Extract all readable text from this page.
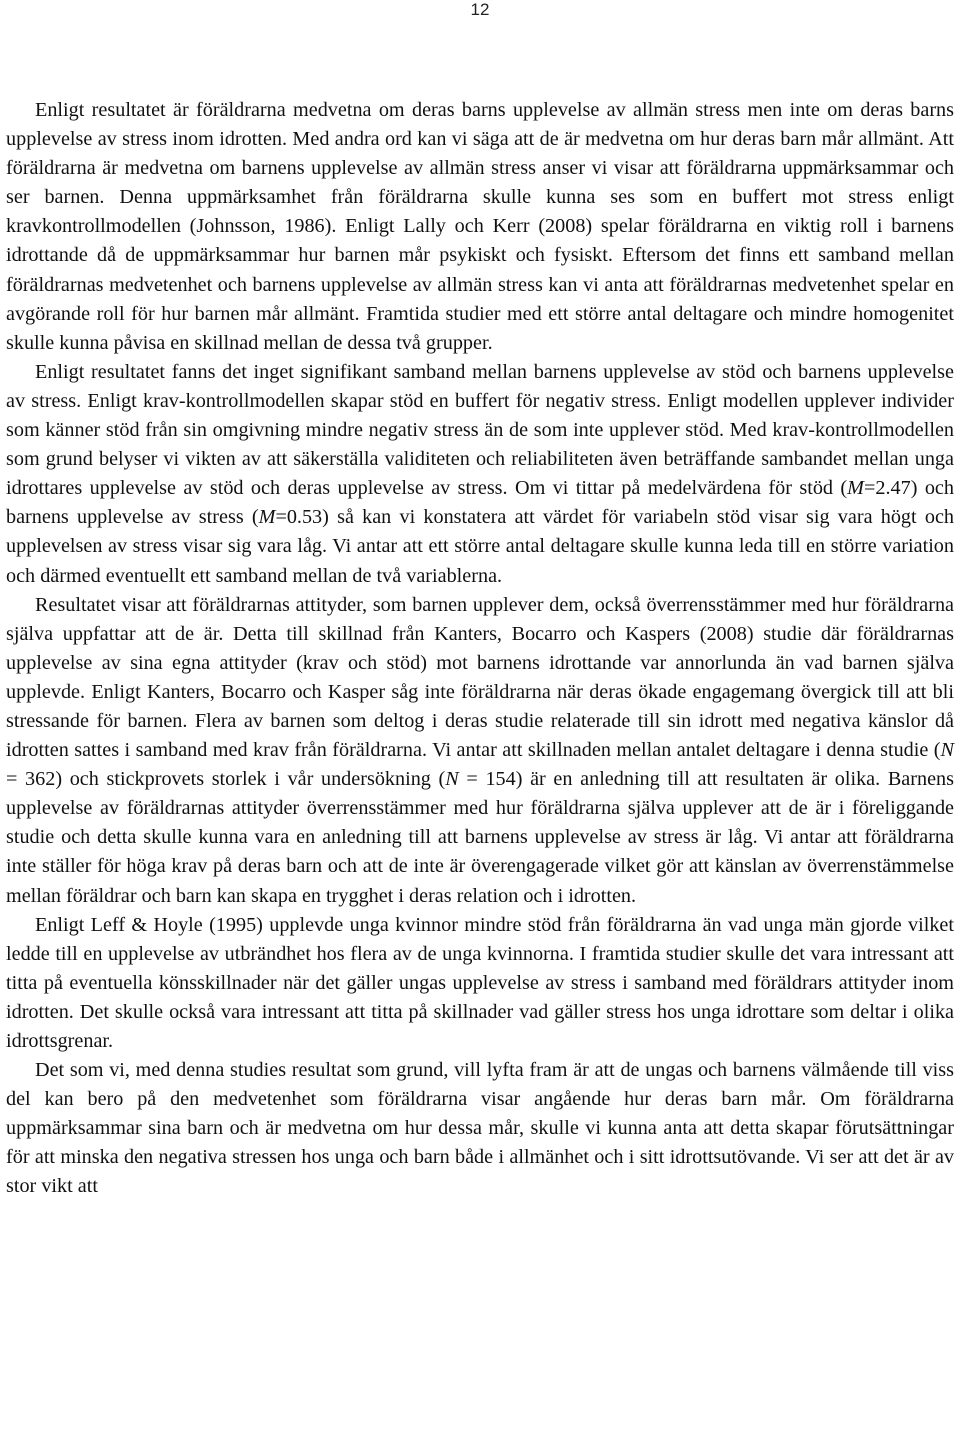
12

Enligt resultatet är föräldrarna medvetna om deras barns upplevelse av allmän stress men inte om deras barns upplevelse av stress inom idrotten. Med andra ord kan vi säga att de är medvetna om hur deras barn mår allmänt. Att föräldrarna är medvetna om barnens upplevelse av allmän stress anser vi visar att föräldrarna uppmärksammar och ser barnen. Denna uppmärksamhet från föräldrarna skulle kunna ses som en buffert mot stress enligt kravkontrollmodellen (Johnsson, 1986). Enligt Lally och Kerr (2008) spelar föräldrarna en viktig roll i barnens idrottande då de uppmärksammar hur barnen mår psykiskt och fysiskt. Eftersom det finns ett samband mellan föräldrarnas medvetenhet och barnens upplevelse av allmän stress kan vi anta att föräldrarnas medvetenhet spelar en avgörande roll för hur barnen mår allmänt. Framtida studier med ett större antal deltagare och mindre homogenitet skulle kunna påvisa en skillnad mellan de dessa två grupper.

Enligt resultatet fanns det inget signifikant samband mellan barnens upplevelse av stöd och barnens upplevelse av stress. Enligt krav-kontrollmodellen skapar stöd en buffert för negativ stress. Enligt modellen upplever individer som känner stöd från sin omgivning mindre negativ stress än de som inte upplever stöd. Med krav-kontrollmodellen som grund belyser vi vikten av att säkerställa validiteten och reliabiliteten även beträffande sambandet mellan unga idrottares upplevelse av stöd och deras upplevelse av stress. Om vi tittar på medelvärdena för stöd (M=2.47) och barnens upplevelse av stress (M=0.53) så kan vi konstatera att värdet för variabeln stöd visar sig vara högt och upplevelsen av stress visar sig vara låg. Vi antar att ett större antal deltagare skulle kunna leda till en större variation och därmed eventuellt ett samband mellan de två variablerna.

Resultatet visar att föräldrarnas attityder, som barnen upplever dem, också överrensstämmer med hur föräldrarna själva uppfattar att de är. Detta till skillnad från Kanters, Bocarro och Kaspers (2008) studie där föräldrarnas upplevelse av sina egna attityder (krav och stöd) mot barnens idrottande var annorlunda än vad barnen själva upplevde. Enligt Kanters, Bocarro och Kasper såg inte föräldrarna när deras ökade engagemang övergick till att bli stressande för barnen. Flera av barnen som deltog i deras studie relaterade till sin idrott med negativa känslor då idrotten sattes i samband med krav från föräldrarna. Vi antar att skillnaden mellan antalet deltagare i denna studie (N = 362) och stickprovets storlek i vår undersökning (N = 154) är en anledning till att resultaten är olika. Barnens upplevelse av föräldrarnas attityder överrensstämmer med hur föräldrarna själva upplever att de är i föreliggande studie och detta skulle kunna vara en anledning till att barnens upplevelse av stress är låg. Vi antar att föräldrarna inte ställer för höga krav på deras barn och att de inte är överengagerade vilket gör att känslan av överrenstämmelse mellan föräldrar och barn kan skapa en trygghet i deras relation och i idrotten.

Enligt Leff & Hoyle (1995) upplevde unga kvinnor mindre stöd från föräldrarna än vad unga män gjorde vilket ledde till en upplevelse av utbrändhet hos flera av de unga kvinnorna. I framtida studier skulle det vara intressant att titta på eventuella könsskillnader när det gäller ungas upplevelse av stress i samband med föräldrars attityder inom idrotten. Det skulle också vara intressant att titta på skillnader vad gäller stress hos unga idrottare som deltar i olika idrottsgrenar.

Det som vi, med denna studies resultat som grund, vill lyfta fram är att de ungas och barnens välmående till viss del kan bero på den medvetenhet som föräldrarna visar angående hur deras barn mår. Om föräldrarna uppmärksammar sina barn och är medvetna om hur dessa mår, skulle vi kunna anta att detta skapar förutsättningar för att minska den negativa stressen hos unga och barn både i allmänhet och i sitt idrottsutövande. Vi ser att det är av stor vikt att
